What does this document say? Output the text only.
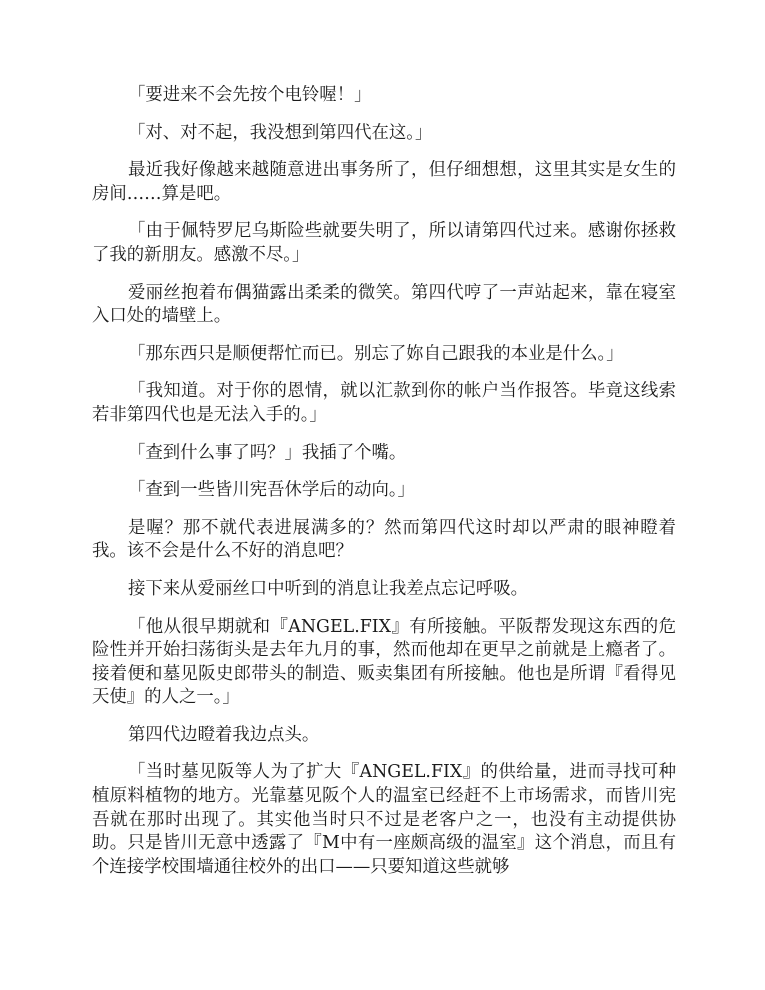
「要进来不会先按个电铃喔！」

「对、对不起，我没想到第四代在这。」

最近我好像越来越随意进出事务所了，但仔细想想，这里其实是女生的房间……算是吧。

「由于佩特罗尼乌斯险些就要失明了，所以请第四代过来。感谢你拯救了我的新朋友。感激不尽。」

爱丽丝抱着布偶猫露出柔柔的微笑。第四代哼了一声站起来，靠在寝室入口处的墙壁上。

「那东西只是顺便帮忙而已。别忘了妳自己跟我的本业是什么。」

「我知道。对于你的恩情，就以汇款到你的帐户当作报答。毕竟这线索若非第四代也是无法入手的。」

「查到什么事了吗？」我插了个嘴。

「查到一些皆川宪吾休学后的动向。」

是喔？那不就代表进展满多的？然而第四代这时却以严肃的眼神瞪着我。该不会是什么不好的消息吧？

接下来从爱丽丝口中听到的消息让我差点忘记呼吸。

「他从很早期就和『ANGEL.FIX』有所接触。平阪帮发现这东西的危险性并开始扫荡街头是去年九月的事，然而他却在更早之前就是上瘾者了。接着便和墓见阪史郎带头的制造、贩卖集团有所接触。他也是所谓『看得见天使』的人之一。」

第四代边瞪着我边点头。

「当时墓见阪等人为了扩大『ANGEL.FIX』的供给量，进而寻找可种植原料植物的地方。光靠墓见阪个人的温室已经赶不上市场需求，而皆川宪吾就在那时出现了。其实他当时只不过是老客户之一，也没有主动提供协助。只是皆川无意中透露了『M中有一座颇高级的温室』这个消息，而且有个连接学校围墙通往校外的出口——只要知道这些就够
